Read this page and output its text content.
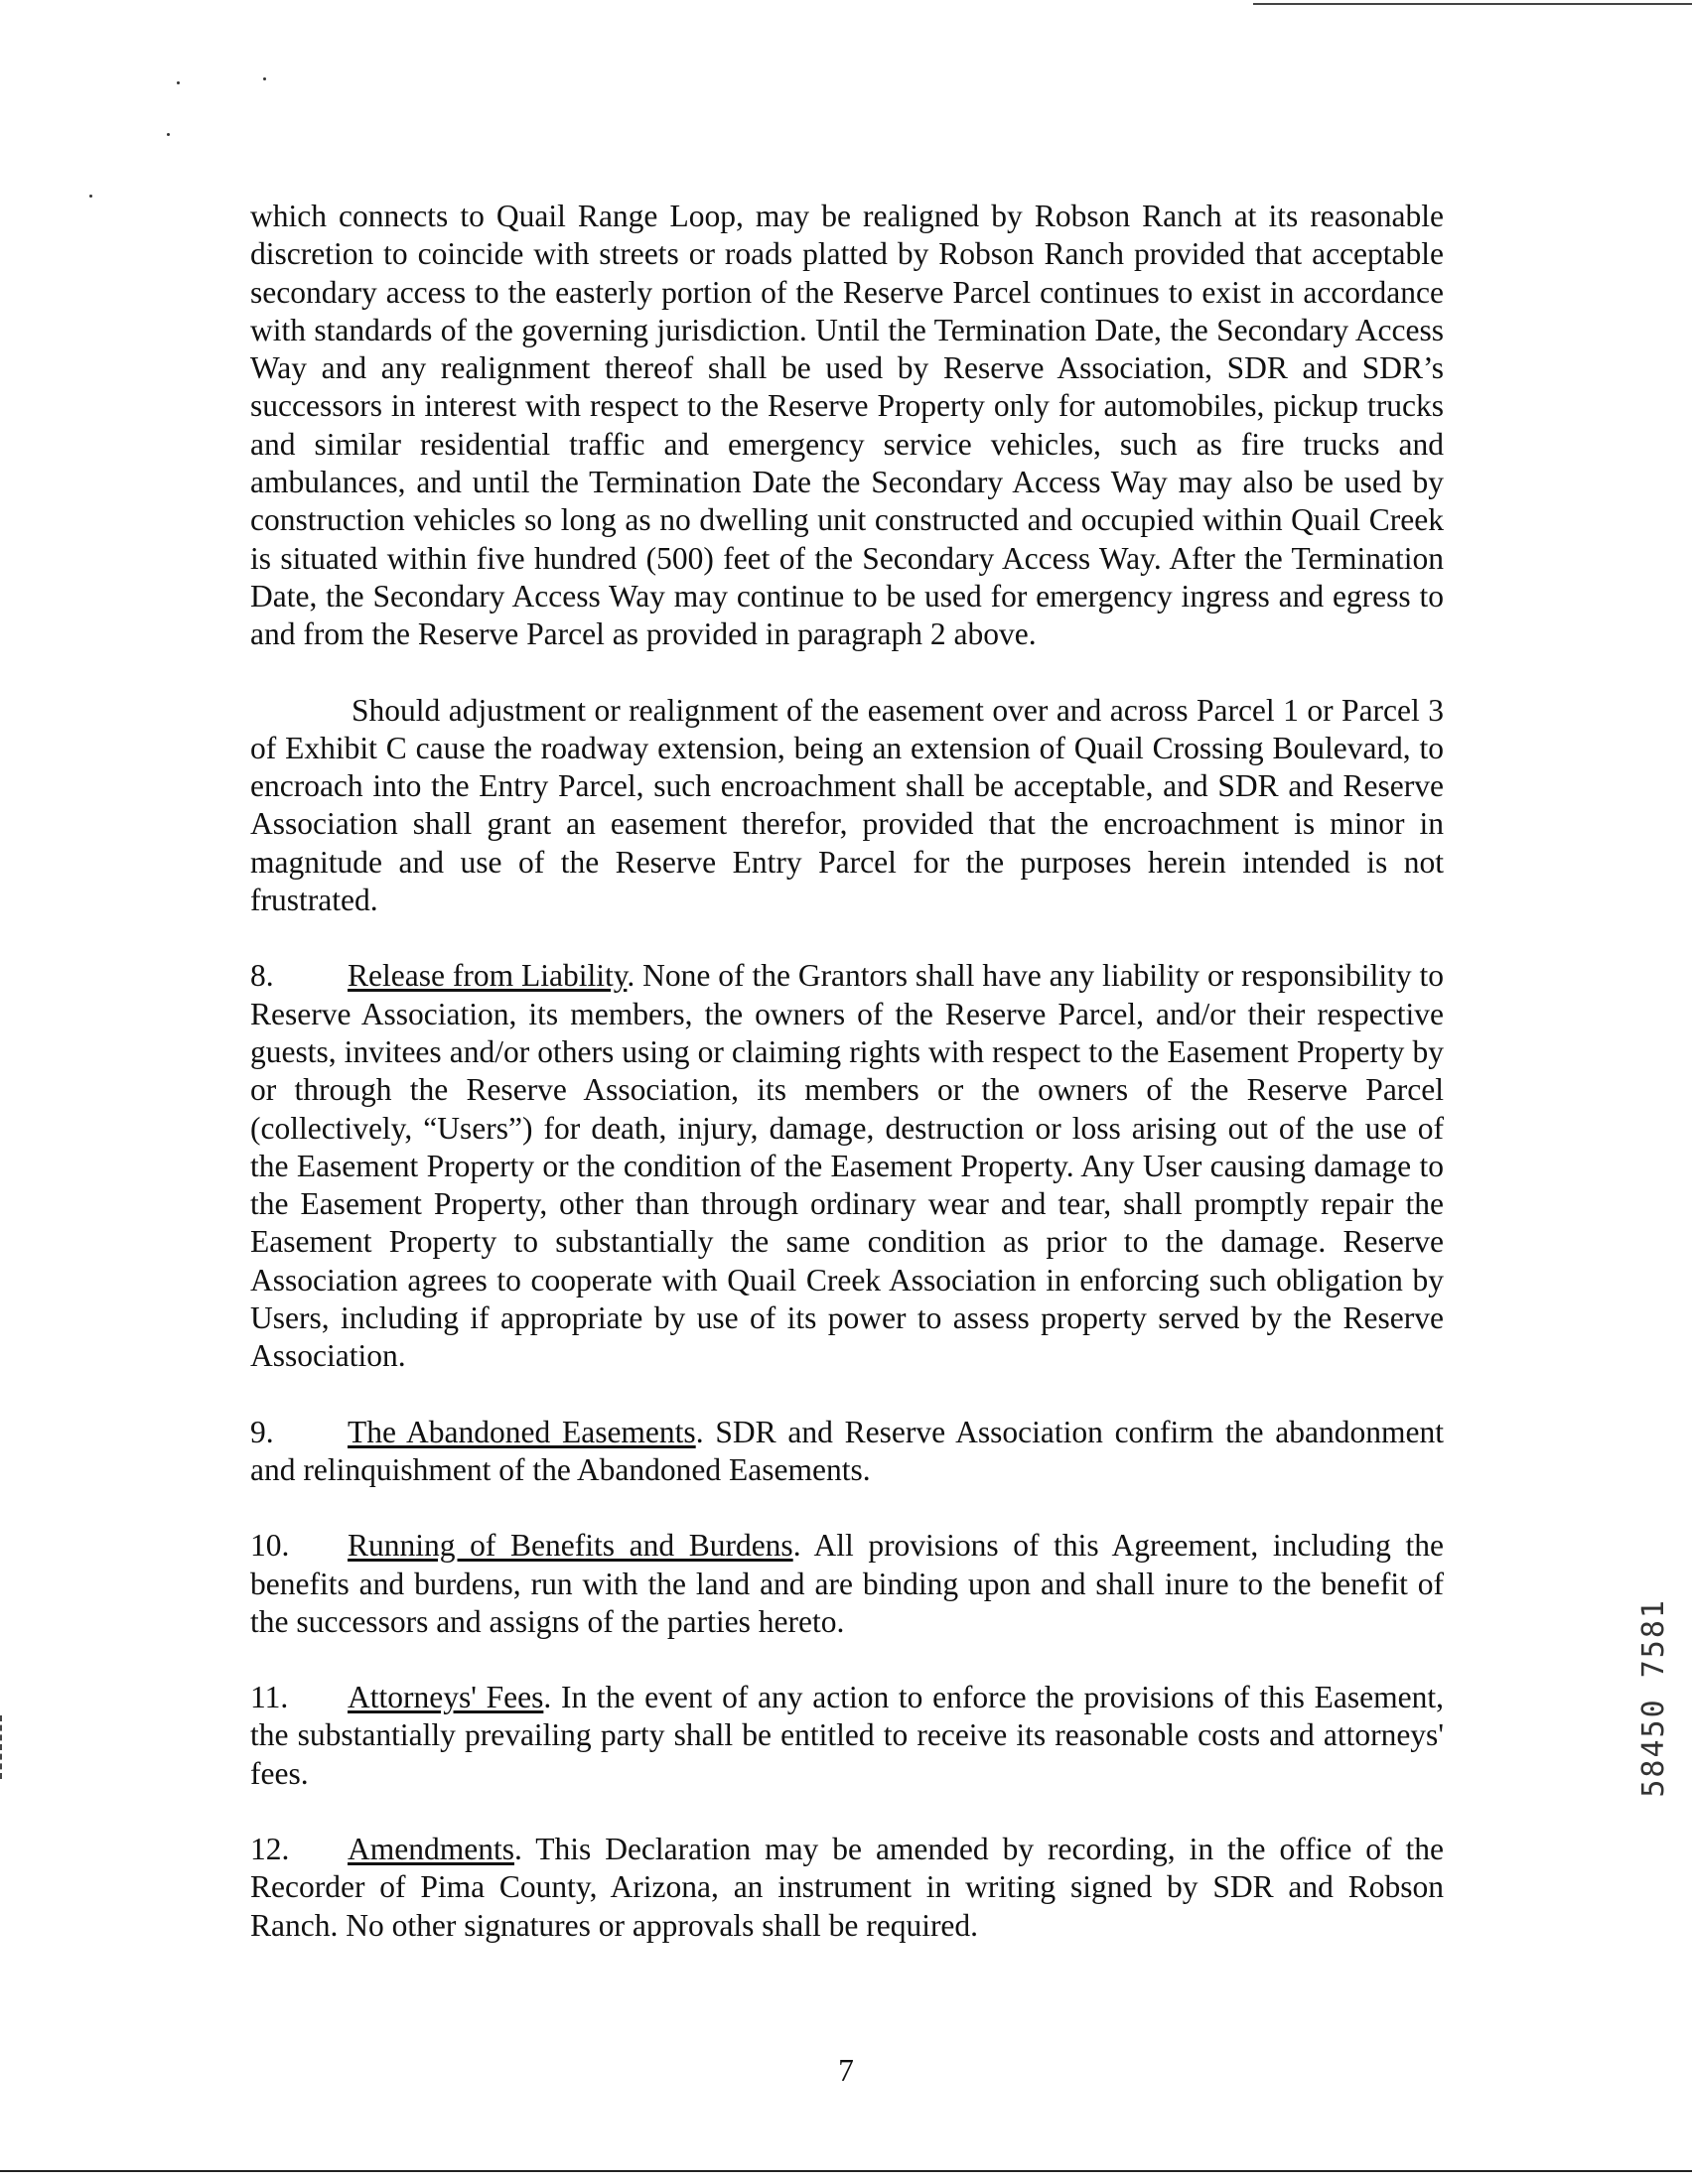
which connects to Quail Range Loop, may be realigned by Robson Ranch at its reasonable discretion to coincide with streets or roads platted by Robson Ranch provided that acceptable secondary access to the easterly portion of the Reserve Parcel continues to exist in accordance with standards of the governing jurisdiction. Until the Termination Date, the Secondary Access Way and any realignment thereof shall be used by Reserve Association, SDR and SDR’s successors in interest with respect to the Reserve Property only for automobiles, pickup trucks and similar residential traffic and emergency service vehicles, such as fire trucks and ambulances, and until the Termination Date the Secondary Access Way may also be used by construction vehicles so long as no dwelling unit constructed and occupied within Quail Creek is situated within five hundred (500) feet of the Secondary Access Way. After the Termination Date, the Secondary Access Way may continue to be used for emergency ingress and egress to and from the Reserve Parcel as provided in paragraph 2 above.

Should adjustment or realignment of the easement over and across Parcel 1 or Parcel 3 of Exhibit C cause the roadway extension, being an extension of Quail Crossing Boulevard, to encroach into the Entry Parcel, such encroachment shall be acceptable, and SDR and Reserve Association shall grant an easement therefor, provided that the encroachment is minor in magnitude and use of the Reserve Entry Parcel for the purposes herein intended is not frustrated.

8. Release from Liability. None of the Grantors shall have any liability or responsibility to Reserve Association, its members, the owners of the Reserve Parcel, and/or their respective guests, invitees and/or others using or claiming rights with respect to the Easement Property by or through the Reserve Association, its members or the owners of the Reserve Parcel (collectively, “Users”) for death, injury, damage, destruction or loss arising out of the use of the Easement Property or the condition of the Easement Property. Any User causing damage to the Easement Property, other than through ordinary wear and tear, shall promptly repair the Easement Property to substantially the same condition as prior to the damage. Reserve Association agrees to cooperate with Quail Creek Association in enforcing such obligation by Users, including if appropriate by use of its power to assess property served by the Reserve Association.

9. The Abandoned Easements. SDR and Reserve Association confirm the abandonment and relinquishment of the Abandoned Easements.

10. Running of Benefits and Burdens. All provisions of this Agreement, including the benefits and burdens, run with the land and are binding upon and shall inure to the benefit of the successors and assigns of the parties hereto.

11. Attorneys' Fees. In the event of any action to enforce the provisions of this Easement, the substantially prevailing party shall be entitled to receive its reasonable costs and attorneys' fees.

12. Amendments. This Declaration may be amended by recording, in the office of the Recorder of Pima County, Arizona, an instrument in writing signed by SDR and Robson Ranch. No other signatures or approvals shall be required.

7
58450 7581
